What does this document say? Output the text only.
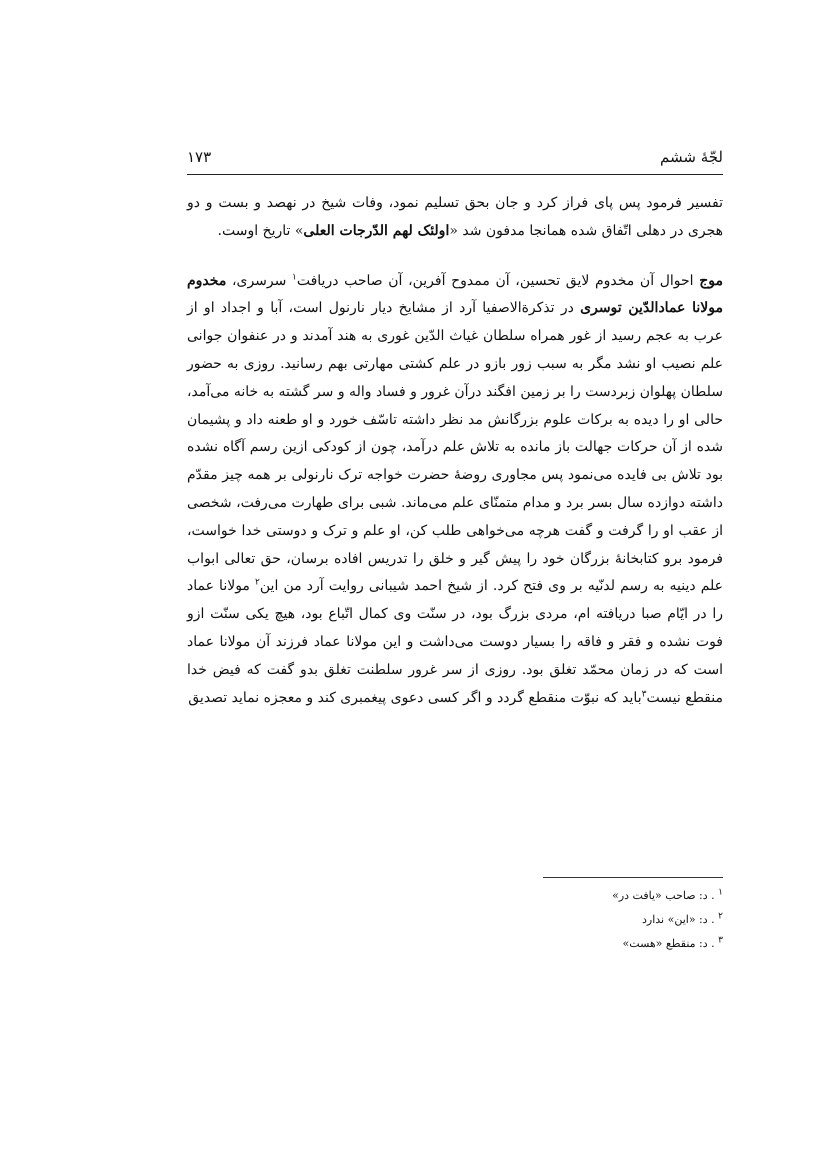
لجّهٔ ششم
۱۷۳

تفسیر فرمود پس پای فراز کرد و جان بحق تسلیم نمود، وفات شیخ در نهصد و بست و دو هجری در دهلی اتّفاق شده همانجا مدفون شد «اولئک لهم الدّرجات العلی» تاریخ اوست.

موج احوال آن مخدوم لایق تحسین، آن ممدوح آفرین، آن صاحب دریافت$^۱$ سرسری، مخدوم مولانا عمادالدّین توسری در تذکرةالاصفیا آرد از مشایخ دیار نارنول است، آبا و اجداد او از عرب به عجم رسید از غور همراه سلطان غیاث الدّین غوری به هند آمدند و در عنفوان جوانی علم نصیب او نشد مگر به سبب زور بازو در علم کشتی مهارتی بهم رسانید. روزی به حضور سلطان پهلوان زبردست را بر زمین افگند درآن غرور و فساد واله و سر گشته به خانه می‌آمد، حالی او را دیده به برکات علوم بزرگانش مد نظر داشته تاسّف خورد و او طعنه داد و پشیمان شده از آن حرکات جهالت باز مانده به تلاش علم درآمد، چون از کودکی ازین رسم آگاه نشده بود تلاش بی فایده می‌نمود پس مجاوری روضهٔ حضرت خواجه ترک نارنولی بر همه چیز مقدّم داشته دوازده سال بسر برد و مدام متمنّای علم می‌ماند. شبی برای طهارت می‌رفت، شخصی از عقب او را گرفت و گفت هرچه می‌خواهی طلب کن، او علم و ترک و دوستی خدا خواست، فرمود برو کتابخانهٔ بزرگان خود را پیش گیر و خلق را تدریس افاده برسان، حق تعالی ابواب علم دینیه به رسم لدنّیه بر وی فتح کرد. از شیخ احمد شیبانی روایت آرد من این$^۲$ مولانا عماد را در ایّام صبا دریافته ام، مردی بزرگ بود، در سنّت وی کمال اتّباع بود، هیچ یکی سنّت ازو فوت نشده و فقر و فاقه را بسیار دوست می‌داشت و این مولانا عماد فرزند آن مولانا عماد است که در زمان محمّد تغلق بود. روزی از سر غرور سلطنت تغلق بدو گفت که فیض خدا منقطع نیست$^۳$باید که نبوّت منقطع گردد و اگر کسی دعوی پیغمبری کند و معجزه نماید تصدیق

$^۱$ . د: صاحب «یافت در»
$^۲$ . د: «این» ندارد
$^۳$ . د: منقطع «هست»
